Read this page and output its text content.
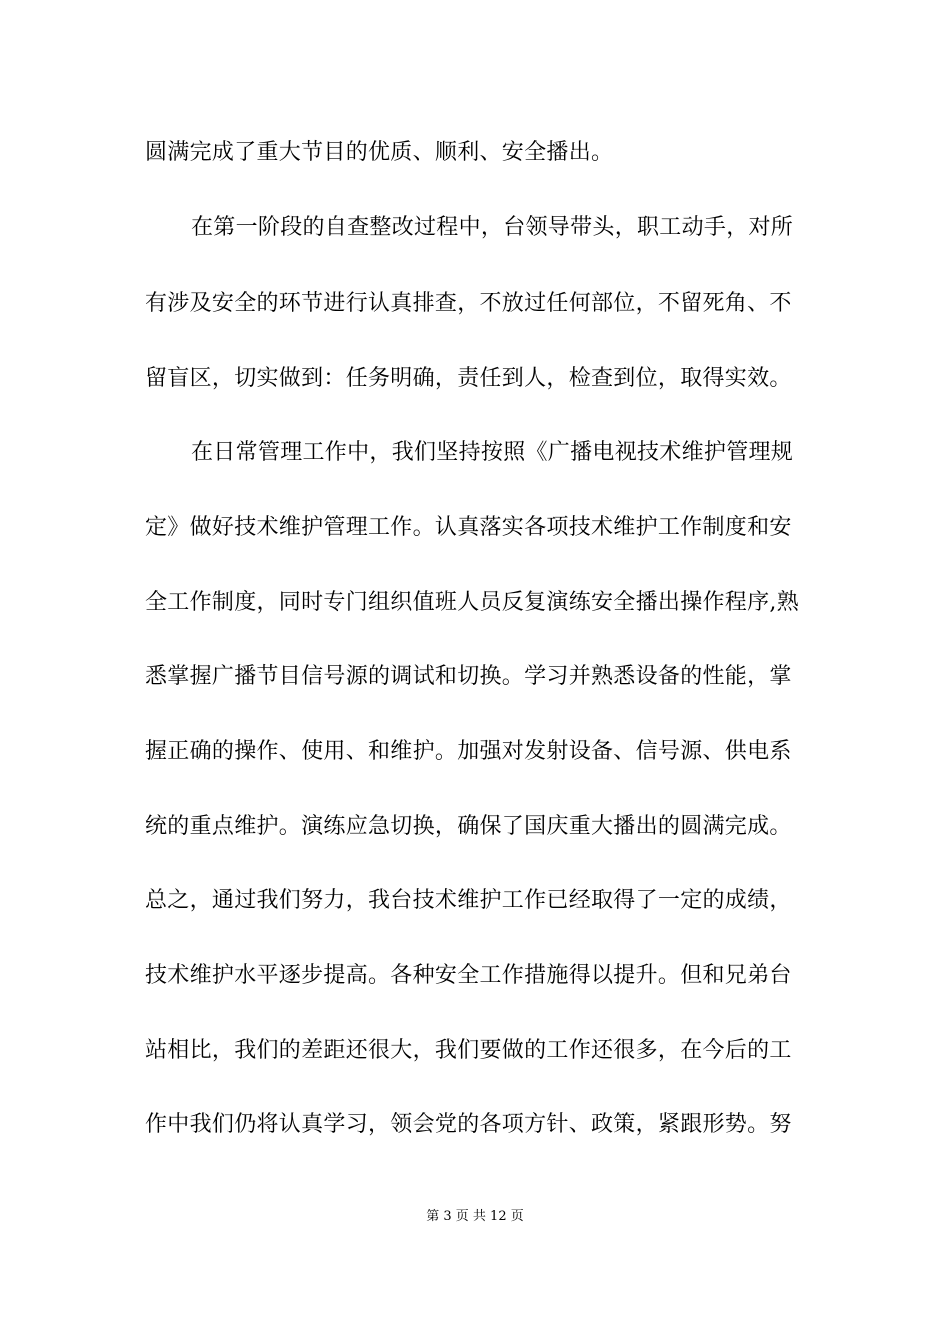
圆满完成了重大节目的优质、顺利、安全播出。
在第一阶段的自查整改过程中，台领导带头，职工动手，对所
有涉及安全的环节进行认真排查，不放过任何部位，不留死角、不
留盲区，切实做到：任务明确，责任到人，检查到位，取得实效。
在日常管理工作中，我们坚持按照《广播电视技术维护管理规
定》做好技术维护管理工作。认真落实各项技术维护工作制度和安
全工作制度，同时专门组织值班人员反复演练安全播出操作程序,熟
悉掌握广播节目信号源的调试和切换。学习并熟悉设备的性能，掌
握正确的操作、使用、和维护。加强对发射设备、信号源、供电系
统的重点维护。演练应急切换，确保了国庆重大播出的圆满完成。
总之，通过我们努力，我台技术维护工作已经取得了一定的成绩，
技术维护水平逐步提高。各种安全工作措施得以提升。但和兄弟台
站相比，我们的差距还很大，我们要做的工作还很多，在今后的工
作中我们仍将认真学习，领会党的各项方针、政策，紧跟形势。努
第 3 页 共 12 页
